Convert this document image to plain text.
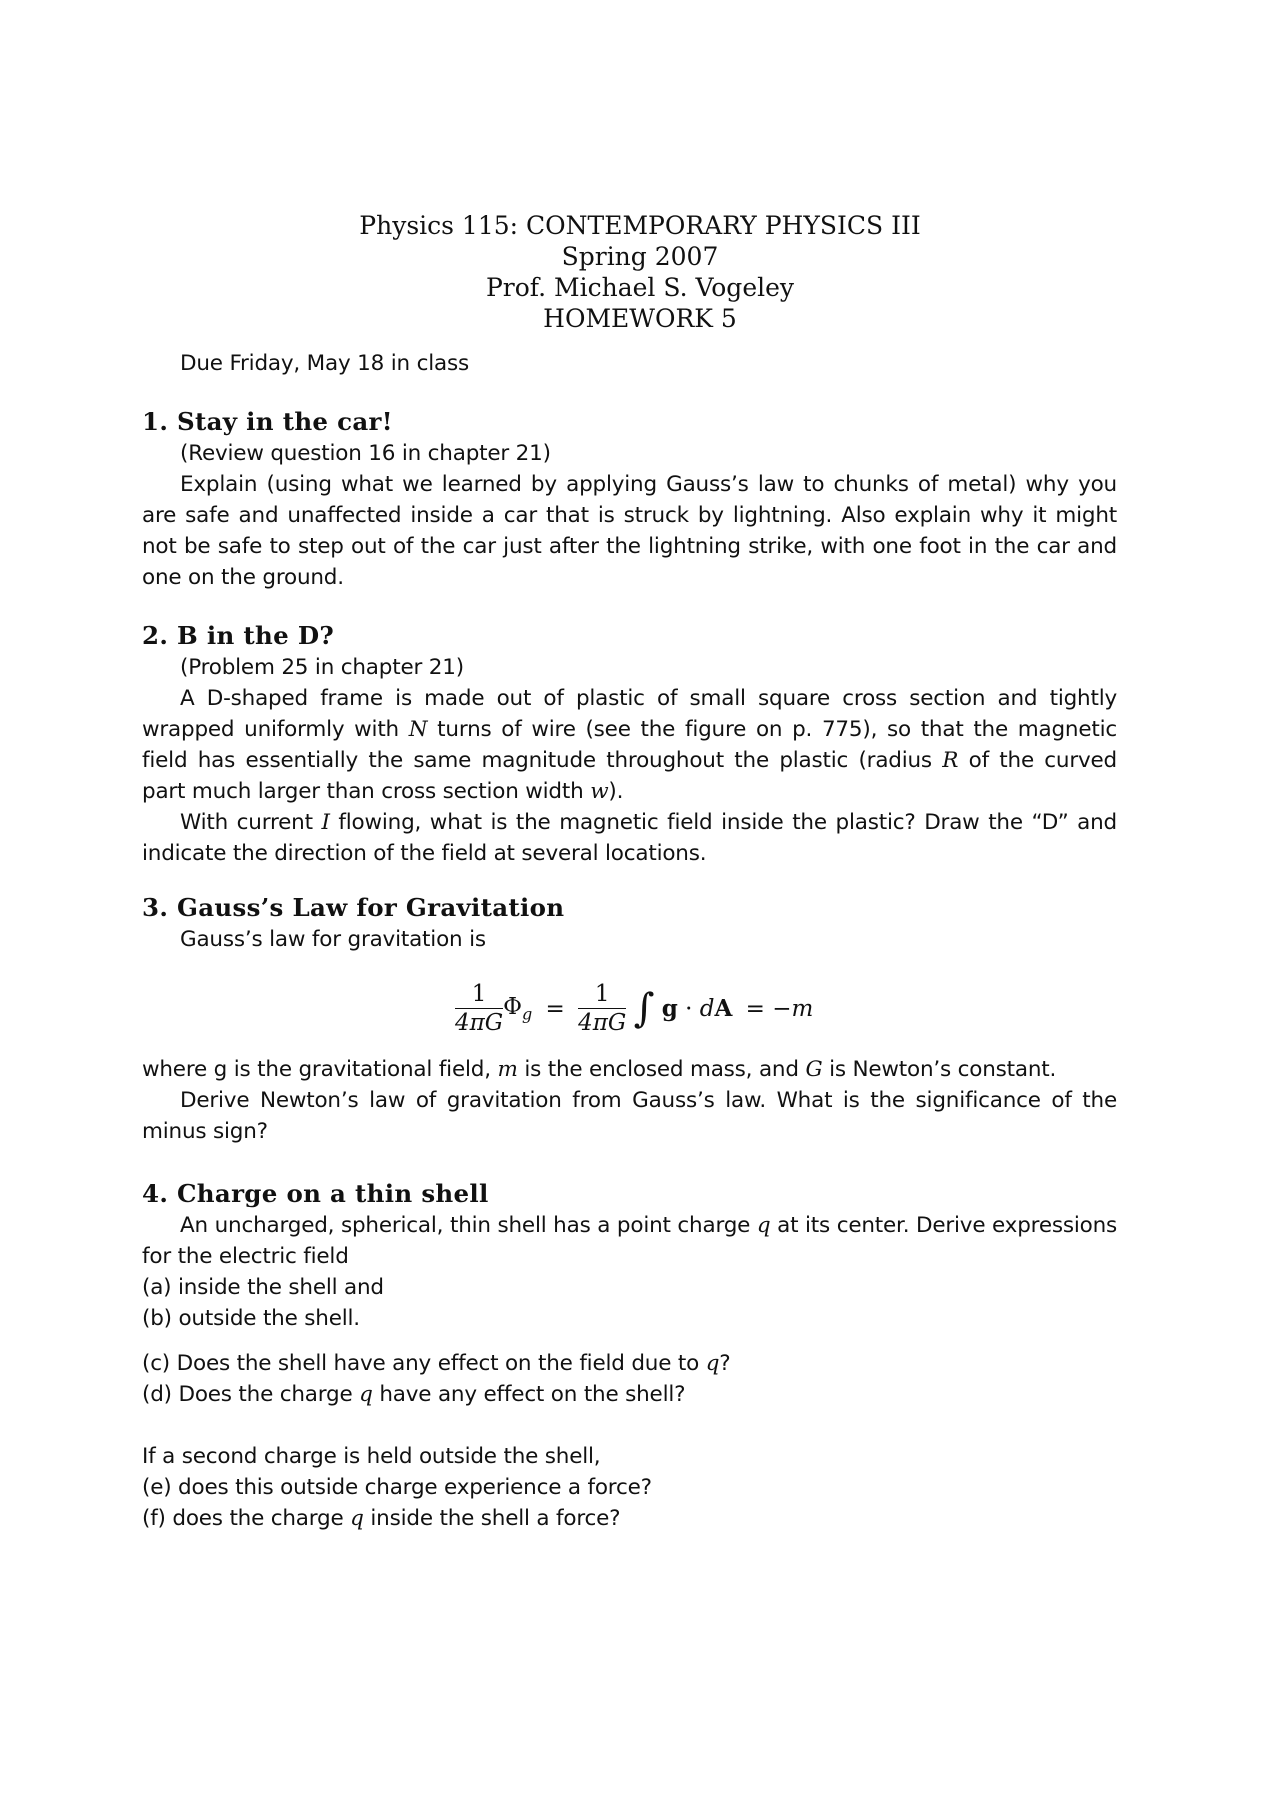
Physics 115: CONTEMPORARY PHYSICS III
Spring 2007
Prof. Michael S. Vogeley
HOMEWORK 5
Due Friday, May 18 in class
1. Stay in the car!
(Review question 16 in chapter 21)
Explain (using what we learned by applying Gauss’s law to chunks of metal) why you are safe and unaffected inside a car that is struck by lightning. Also explain why it might not be safe to step out of the car just after the lightning strike, with one foot in the car and one on the ground.
2. B in the D?
(Problem 25 in chapter 21)
A D-shaped frame is made out of plastic of small square cross section and tightly wrapped uniformly with N turns of wire (see the figure on p. 775), so that the magnetic field has essentially the same magnitude throughout the plastic (radius R of the curved part much larger than cross section width w).
With current I flowing, what is the magnetic field inside the plastic? Draw the “D” and indicate the direction of the field at several locations.
3. Gauss’s Law for Gravitation
Gauss’s law for gravitation is
$\frac{1}{4\pi G} \Phi_g = \frac{1}{4\pi G}$ ∫ g · dA = −m
where g is the gravitational field, m is the enclosed mass, and G is Newton’s constant.
Derive Newton’s law of gravitation from Gauss’s law. What is the significance of the minus sign?
4. Charge on a thin shell
An uncharged, spherical, thin shell has a point charge q at its center. Derive expressions for the electric field
(a) inside the shell and
(b) outside the shell.
(c) Does the shell have any effect on the field due to q?
(d) Does the charge q have any effect on the shell?
If a second charge is held outside the shell,
(e) does this outside charge experience a force?
(f) does the charge q inside the shell a force?
